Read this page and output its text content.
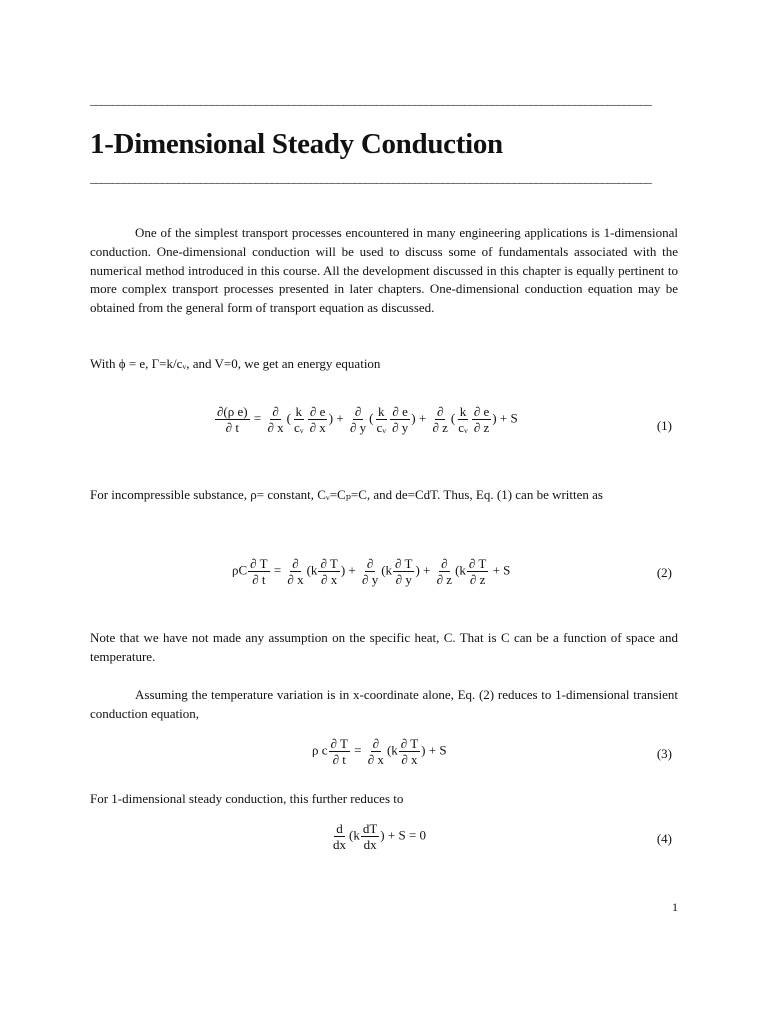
______________________________________________________________________________________________________
1-Dimensional Steady Conduction
______________________________________________________________________________________________________

One of the simplest transport processes encountered in many engineering applications is 1-dimensional conduction. One-dimensional conduction will be used to discuss some of fundamentals associated with the numerical method introduced in this course. All the development discussed in this chapter is equally pertinent to more complex transport processes presented in later chapters. One-dimensional conduction equation may be obtained from the general form of transport equation as discussed.

With ϕ = e, Γ=k/cᵥ, and V=0, we get an energy equation

$\frac{\text{∂(ρ e)}}{\partial t} = \frac{\partial}{\partial x}$ ( $\frac{k}{\text{cᵥ}} \frac{\partial e}{\partial x}$ ) + $\frac{\partial}{\partial y}$ ( $\frac{k}{\text{cᵥ}} \frac{\partial e}{\partial y}$ ) + $\frac{\partial}{\partial z}$ ( $\frac{k}{\text{cᵥ}} \frac{\partial e}{\partial z}$ ) + S
(1)

For incompressible substance, ρ= constant, Cᵥ=Cₚ=C, and de=CdT. Thus, Eq. (1) can be written as

ρC $\frac{\partial T}{\partial t} = \frac{\partial}{\partial x} (k \frac{\partial T}{\partial x}$ ) + $\frac{\partial}{\partial y} (k \frac{\partial T}{\partial y}$ ) + $\frac{\partial}{\partial z} (k \frac{\partial T}{\partial z} + S$	(2)

Note that we have not made any assumption on the specific heat, C. That is C can be a function of space and temperature.

Assuming the temperature variation is in x-coordinate alone, Eq. (2) reduces to 1-dimensional transient conduction equation,

ρ c $\frac{\partial T}{\partial t} = \frac{\partial}{\partial x} (k \frac{\partial T}{\partial x}$ ) + S	(3)

For 1-dimensional steady conduction, this further reduces to

$\frac{d}{dx} (k \frac{dT}{dx}$ ) + S = 0	(4)
1
